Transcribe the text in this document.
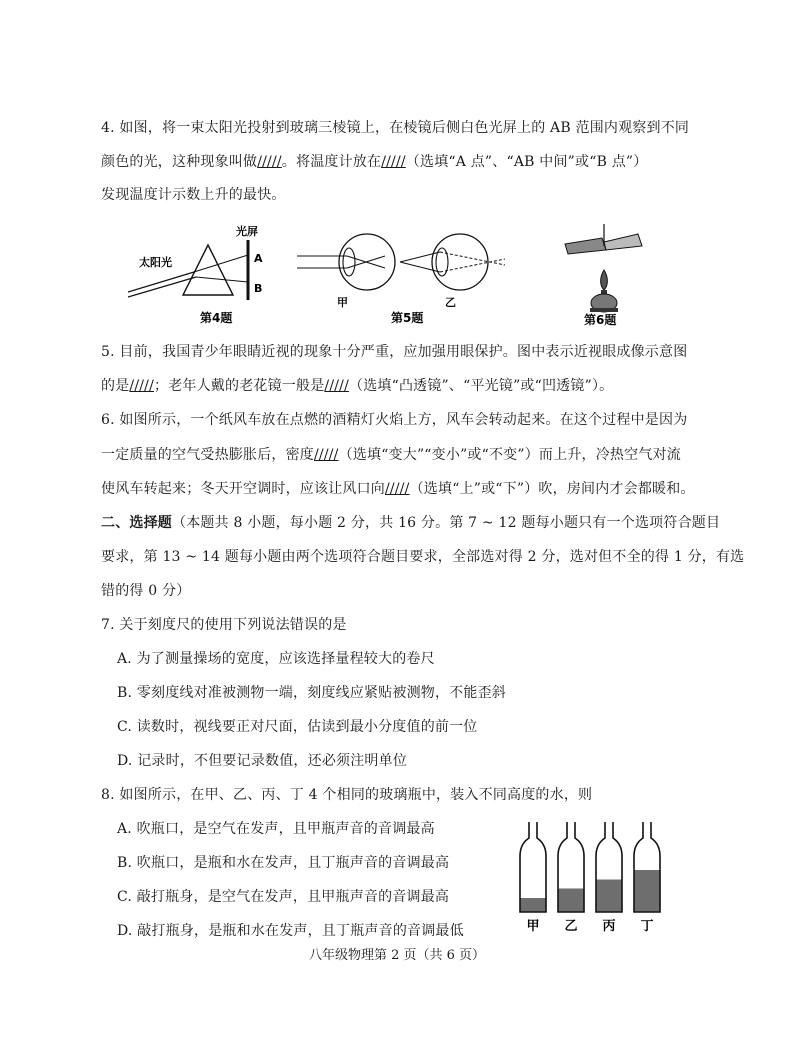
4. 如图，将一束太阳光投射到玻璃三棱镜上，在棱镜后侧白色光屏上的 AB 范围内观察到不同
颜色的光，这种现象叫做/////。将温度计放在/////（选填“A 点”、“AB 中间”或“B 点”）
发现温度计示数上升的最快。
太阳光
光屏
A
B
第4题
甲	乙
第5题	第6题
5. 目前，我国青少年眼睛近视的现象十分严重，应加强用眼保护。图中表示近视眼成像示意图
的是/////；老年人戴的老花镜一般是/////（选填“凸透镜”、“平光镜”或“凹透镜”）。
6. 如图所示，一个纸风车放在点燃的酒精灯火焰上方，风车会转动起来。在这个过程中是因为
一定质量的空气受热膨胀后，密度/////（选填“变大”“变小”或“不变”）而上升，冷热空气对流
使风车转起来；冬天开空调时，应该让风口向/////（选填“上”或“下”）吹，房间内才会都暖和。
二、选择题（本题共 8 小题，每小题 2 分，共 16 分。第 7 ~ 12 题每小题只有一个选项符合题目
要求，第 13 ~ 14 题每小题由两个选项符合题目要求，全部选对得 2 分，选对但不全的得 1 分，有选
错的得 0 分）
7. 关于刻度尺的使用下列说法错误的是
A. 为了测量操场的宽度，应该选择量程较大的卷尺
B. 零刻度线对准被测物一端，刻度线应紧贴被测物，不能歪斜
C. 读数时，视线要正对尺面，估读到最小分度值的前一位
D. 记录时，不但要记录数值，还必须注明单位
8. 如图所示，在甲、乙、丙、丁 4 个相同的玻璃瓶中，装入不同高度的水，则
A. 吹瓶口，是空气在发声，且甲瓶声音的音调最高
B. 吹瓶口，是瓶和水在发声，且丁瓶声音的音调最高
C. 敲打瓶身，是空气在发声，且甲瓶声音的音调最高
D. 敲打瓶身，是瓶和水在发声，且丁瓶声音的音调最低	甲 乙 丙 丁
八年级物理第 2 页（共 6 页）
